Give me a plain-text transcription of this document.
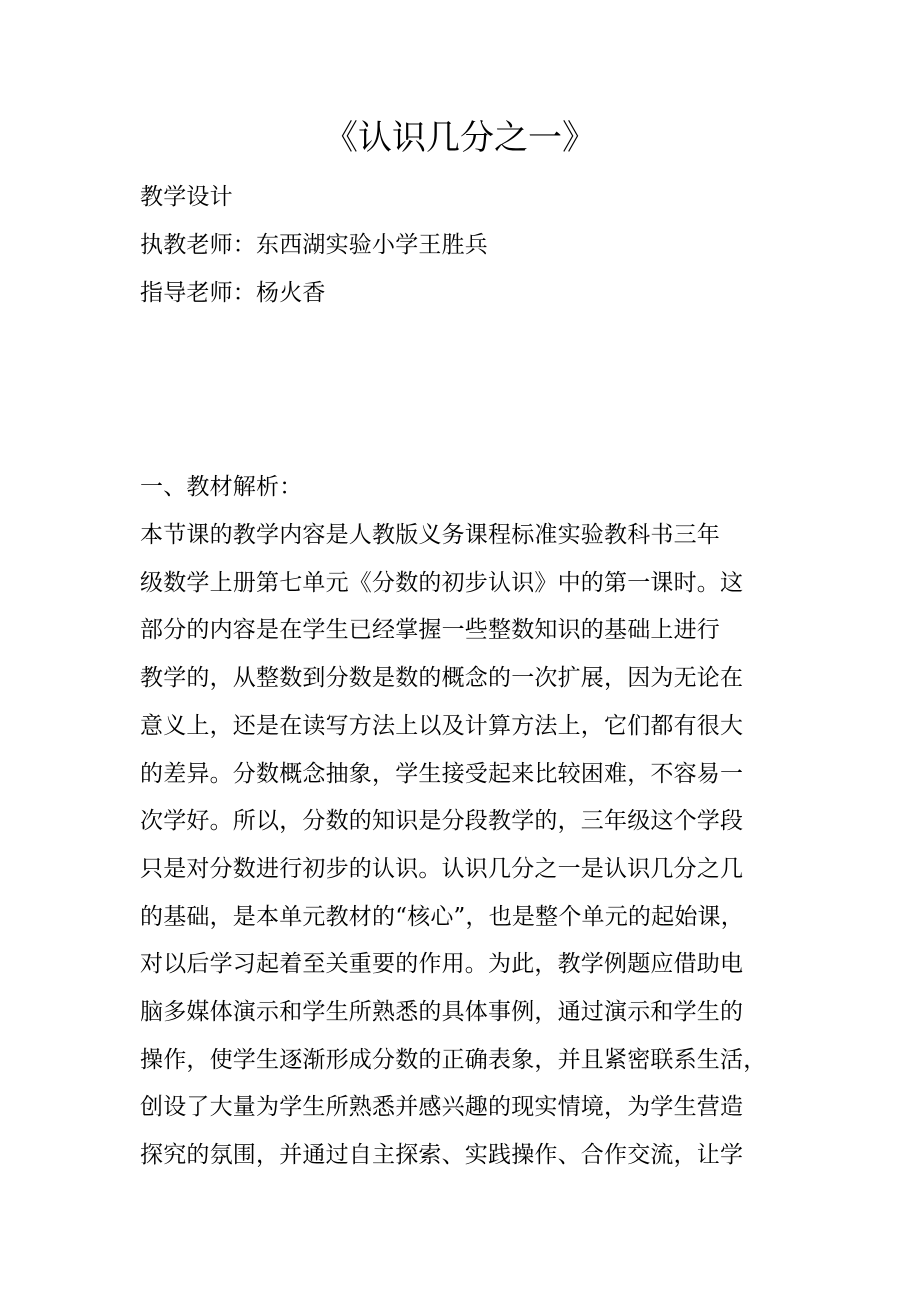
《认识几分之一》
教学设计
执教老师：东西湖实验小学王胜兵
指导老师：杨火香
一、教材解析：
本节课的教学内容是人教版义务课程标准实验教科书三年
级数学上册第七单元《分数的初步认识》中的第一课时。这
部分的内容是在学生已经掌握一些整数知识的基础上进行
教学的，从整数到分数是数的概念的一次扩展，因为无论在
意义上，还是在读写方法上以及计算方法上，它们都有很大
的差异。分数概念抽象，学生接受起来比较困难，不容易一
次学好。所以，分数的知识是分段教学的，三年级这个学段
只是对分数进行初步的认识。认识几分之一是认识几分之几
的基础，是本单元教材的“核心”，也是整个单元的起始课，
对以后学习起着至关重要的作用。为此，教学例题应借助电
脑多媒体演示和学生所熟悉的具体事例，通过演示和学生的
操作，使学生逐渐形成分数的正确表象，并且紧密联系生活，
创设了大量为学生所熟悉并感兴趣的现实情境，为学生营造
探究的氛围，并通过自主探索、实践操作、合作交流，让学
